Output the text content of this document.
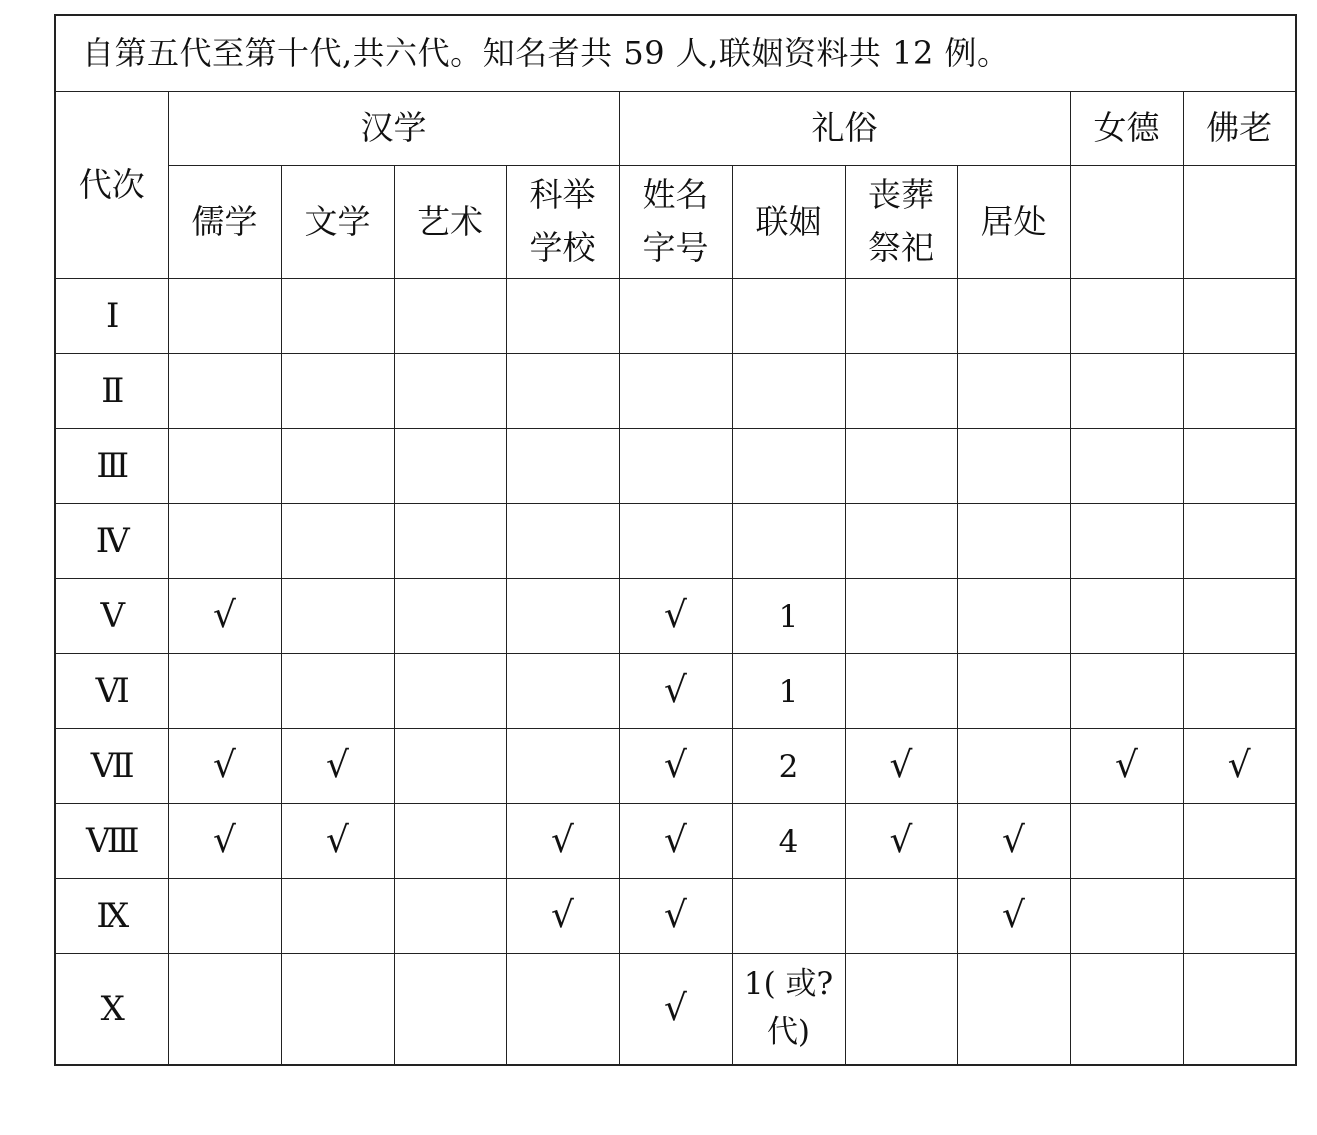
自第五代至第十代,共六代。知名者共 59 人,联姻资料共 12 例。										
代次	汉学				礼俗				女德	佛老
	儒学	文学	艺术	科举学校	姓名字号	联姻	丧葬祭祀	居处		
Ⅰ										
Ⅱ										
Ⅲ										
Ⅳ										
Ⅴ	√				√	1				
Ⅵ					√	1				
Ⅶ	√	√			√	2	√		√	√
Ⅷ	√	√		√	√	4	√	√		
Ⅸ				√	√			√		
Ⅹ					√	1( 或?代)				
